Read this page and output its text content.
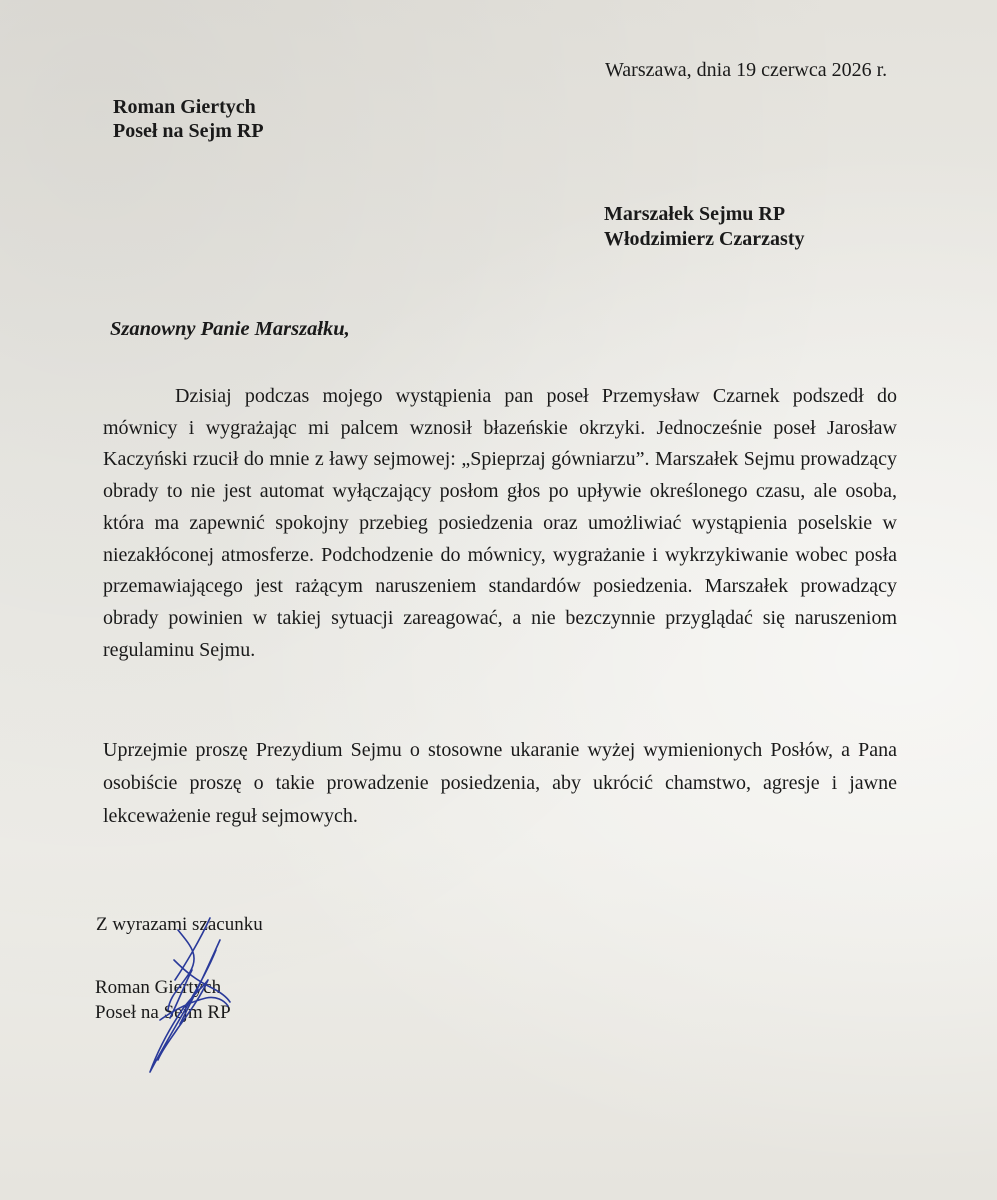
Warszawa, dnia 19 czerwca 2026 r.

Roman Giertych
Poseł na Sejm RP
Marszałek Sejmu RP
Włodzimierz Czarzasty

Szanowny Panie Marszałku,

Dzisiaj podczas mojego wystąpienia pan poseł Przemysław Czarnek podszedł do mównicy i wygrażając mi palcem wznosił błazeńskie okrzyki. Jednocześnie poseł Jarosław Kaczyński rzucił do mnie z ławy sejmowej: „Spieprzaj gówniarzu”. Marszałek Sejmu prowadzący obrady to nie jest automat wyłączający posłom głos po upływie określonego czasu, ale osoba, która ma zapewnić spokojny przebieg posiedzenia oraz umożliwiać wystąpienia poselskie w niezakłóconej atmosferze. Podchodzenie do mównicy, wygrażanie i wykrzykiwanie wobec posła przemawiającego jest rażącym naruszeniem standardów posiedzenia. Marszałek prowadzący obrady powinien w takiej sytuacji zareagować, a nie bezczynnie przyglądać się naruszeniom regulaminu Sejmu.

Uprzejmie proszę Prezydium Sejmu o stosowne ukaranie wyżej wymienionych Posłów, a Pana osobiście proszę o takie prowadzenie posiedzenia, aby ukrócić chamstwo, agresje i jawne lekceważenie reguł sejmowych.

Z wyrazami szacunku

Roman Giertych
Poseł na Sejm RP
